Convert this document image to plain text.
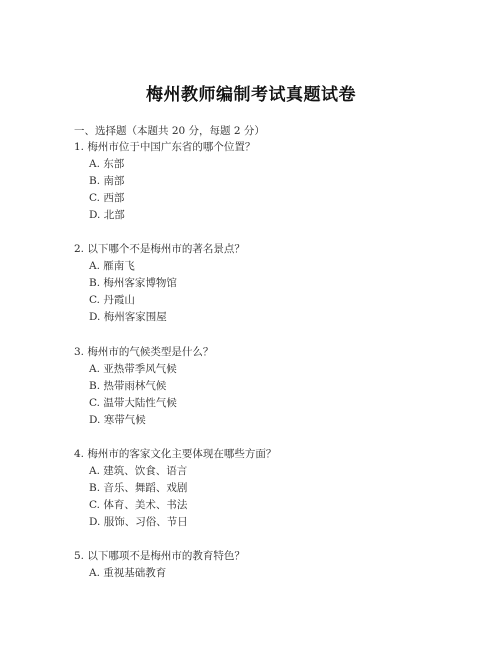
梅州教师编制考试真题试卷
一、选择题（本题共 20 分，每题 2 分）
1. 梅州市位于中国广东省的哪个位置？
A. 东部
B. 南部
C. 西部
D. 北部
2. 以下哪个不是梅州市的著名景点？
A. 雁南飞
B. 梅州客家博物馆
C. 丹霞山
D. 梅州客家围屋
3. 梅州市的气候类型是什么？
A. 亚热带季风气候
B. 热带雨林气候
C. 温带大陆性气候
D. 寒带气候
4. 梅州市的客家文化主要体现在哪些方面？
A. 建筑、饮食、语言
B. 音乐、舞蹈、戏剧
C. 体育、美术、书法
D. 服饰、习俗、节日
5. 以下哪项不是梅州市的教育特色？
A. 重视基础教育
